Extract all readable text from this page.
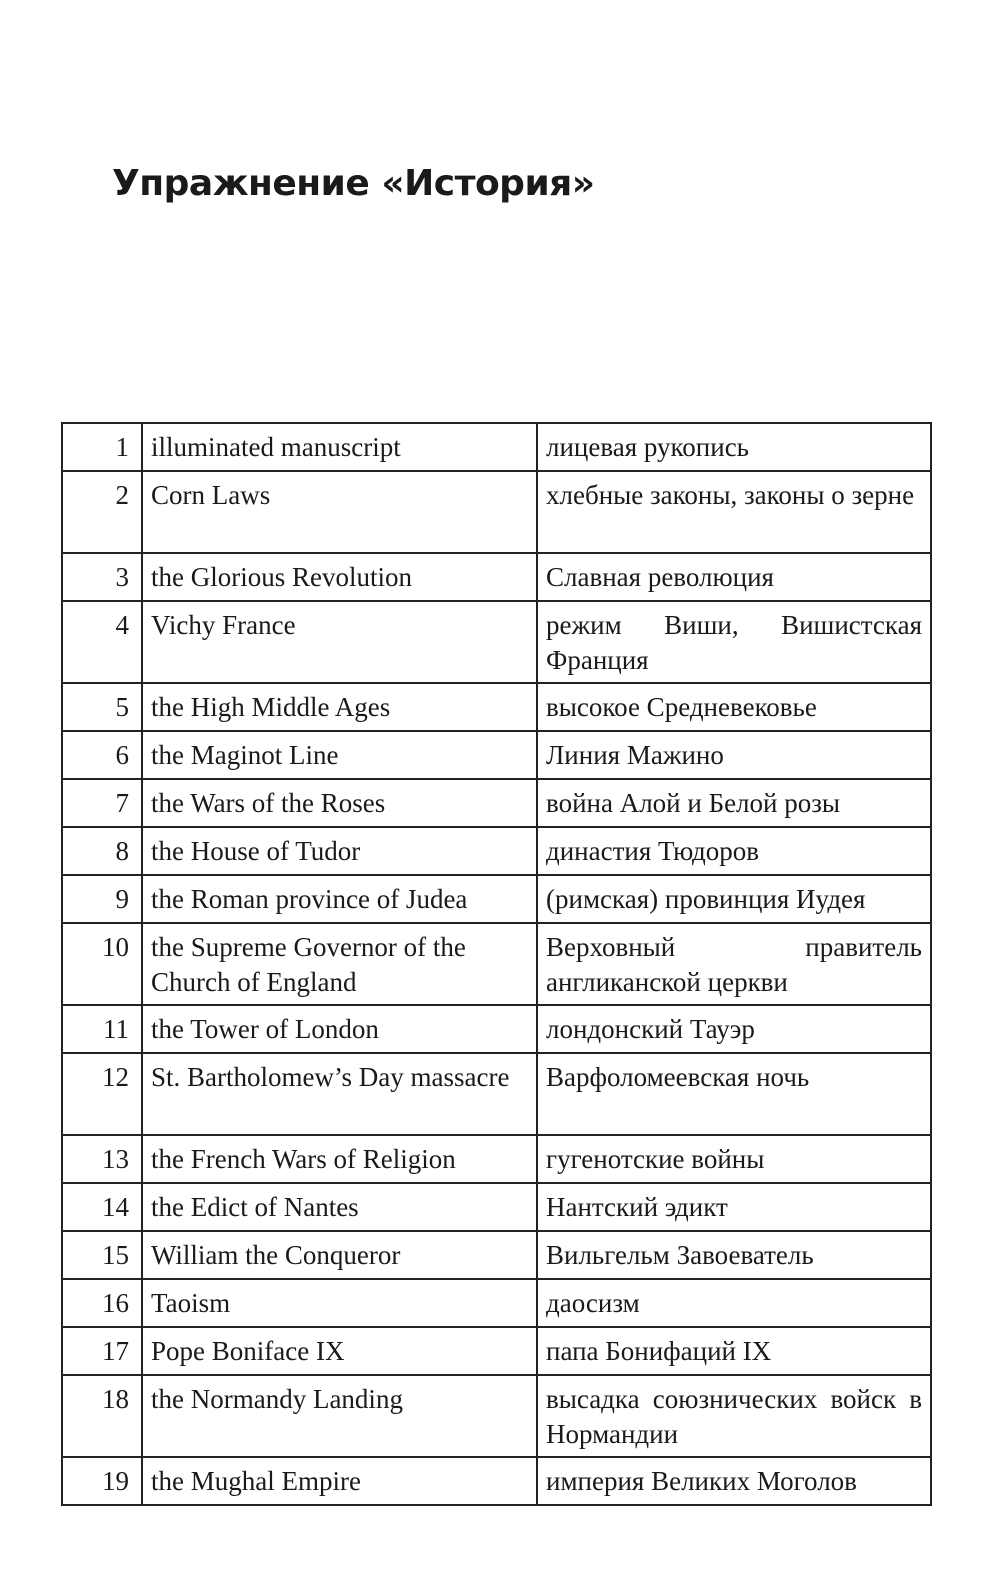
Упражнение «История»
1	illuminated manuscript	лицевая рукопись
2	Corn Laws	хлебные законы, законы о зерне
3	the Glorious Revolution	Славная революция
4	Vichy France	режим Виши, Вишистская Франция
5	the High Middle Ages	высокое Средневековье
6	the Maginot Line	Линия Мажино
7	the Wars of the Roses	война Алой и Белой розы
8	the House of Tudor	династия Тюдоров
9	the Roman province of Judea	(римская) провинция Иудея
10	the Supreme Governor of the Church of England	Верховный правитель англиканской церкви
11	the Tower of London	лондонский Тауэр
12	St. Bartholomew’s Day massacre	Варфоломеевская ночь
13	the French Wars of Religion	гугенотские войны
14	the Edict of Nantes	Нантский эдикт
15	William the Conqueror	Вильгельм Завоеватель
16	Taoism	даосизм
17	Pope Boniface IX	папа Бонифаций IX
18	the Normandy Landing	высадка союзнических войск в Нормандии
19	the Mughal Empire	империя Великих Моголов
